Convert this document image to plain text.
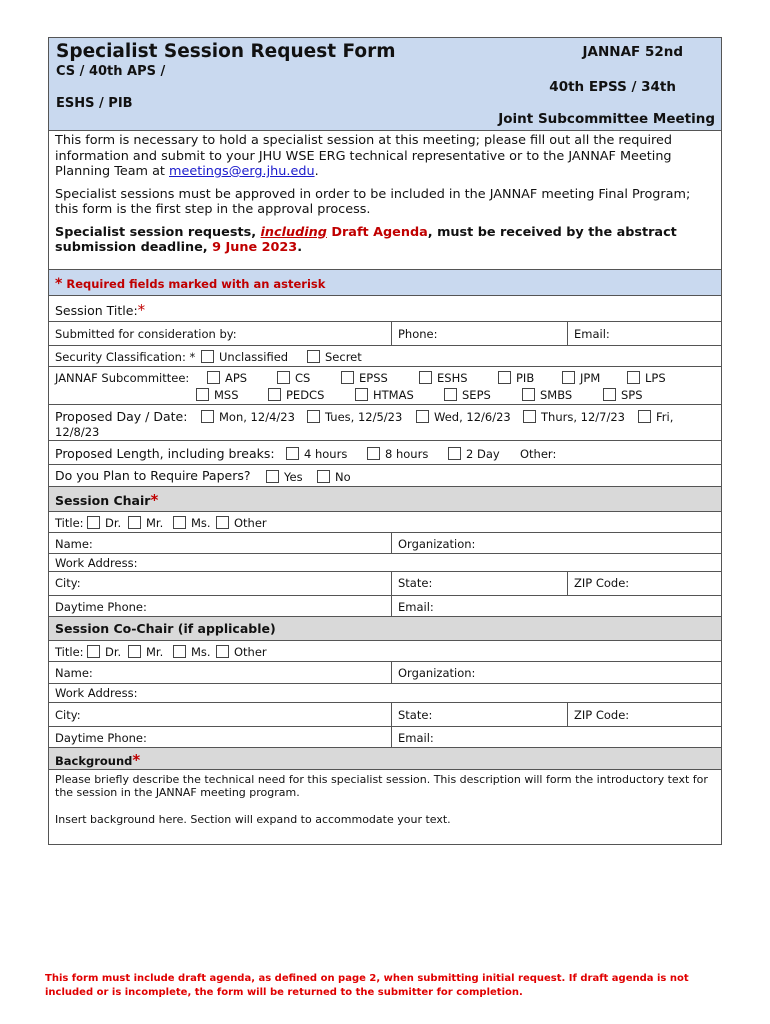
Specialist Session Request Form
CS / 40th APS /
ESHS / PIB
JANNAF 52nd
40th EPSS / 34th
Joint Subcommittee Meeting

This form is necessary to hold a specialist session at this meeting; please fill out all the required information and submit to your JHU WSE ERG technical representative or to the JANNAF Meeting Planning Team at meetings@erg.jhu.edu.

Specialist sessions must be approved in order to be included in the JANNAF meeting Final Program; this form is the first step in the approval process.

Specialist session requests, including Draft Agenda, must be received by the abstract submission deadline, 9 June 2023.

* Required fields marked with an asterisk
Session Title:*
Submitted for consideration by:	Phone:	Email:
Security Classification: *	Unclassified	Secret
JANNAF Subcommittee:	APS	CS	EPSS	ESHS	PIB	JPM	LPS
MSS	PEDCS	HTMAS	SEPS	SMBS	SPS
Proposed Day / Date:	Mon, 12/4/23	Tues, 12/5/23	Wed, 12/6/23	Thurs, 12/7/23	Fri,
12/8/23
Proposed Length, including breaks:	4 hours	8 hours	2 Day Other:
Do you Plan to Require Papers?	Yes	No
Session Chair*
Title:	Dr.	Mr.	Ms.	Other
Name:	Organization:
Work Address:
City:	State:	ZIP Code:
Daytime Phone:	Email:
Session Co-Chair (if applicable)
Title:	Dr.	Mr.	Ms.	Other
Name:	Organization:
Work Address:
City:	State:	ZIP Code:
Daytime Phone:	Email:
Background*
Please briefly describe the technical need for this specialist session. This description will form the introductory text for the session in the JANNAF meeting program.
Insert background here. Section will expand to accommodate your text.
This form must include draft agenda, as defined on page 2, when submitting initial request. If draft agenda is not included or is incomplete, the form will be returned to the submitter for completion.
